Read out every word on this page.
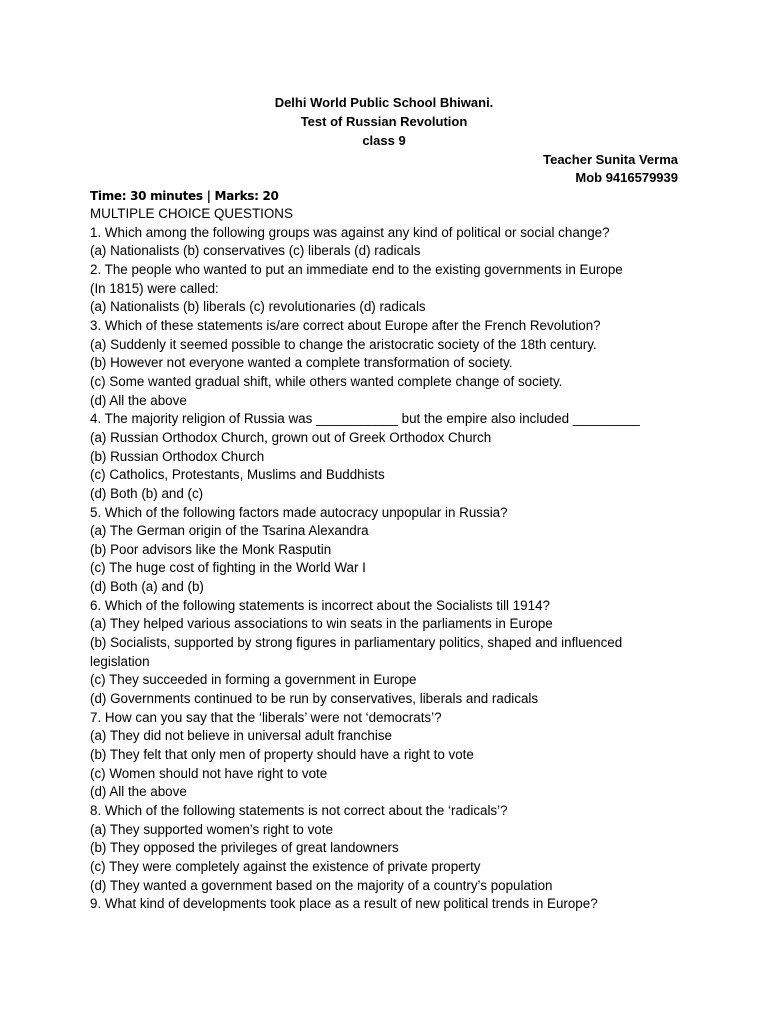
Delhi World Public School Bhiwani.
Test of Russian Revolution
class 9
Teacher Sunita Verma
Mob 9416579939
Time: 30 minutes | Marks: 20
MULTIPLE CHOICE QUESTIONS
1. Which among the following groups was against any kind of political or social change?
(a) Nationalists (b) conservatives (c) liberals (d) radicals
2. The people who wanted to put an immediate end to the existing governments in Europe
(In 1815) were called:
(a) Nationalists (b) liberals (c) revolutionaries (d) radicals
3. Which of these statements is/are correct about Europe after the French Revolution?
(a) Suddenly it seemed possible to change the aristocratic society of the 18th century.
(b) However not everyone wanted a complete transformation of society.
(c) Some wanted gradual shift, while others wanted complete change of society.
(d) All the above
4. The majority religion of Russia was ___________ but the empire also included _________
(a) Russian Orthodox Church, grown out of Greek Orthodox Church
(b) Russian Orthodox Church
(c) Catholics, Protestants, Muslims and Buddhists
(d) Both (b) and (c)
5. Which of the following factors made autocracy unpopular in Russia?
(a) The German origin of the Tsarina Alexandra
(b) Poor advisors like the Monk Rasputin
(c) The huge cost of fighting in the World War I
(d) Both (a) and (b)
6. Which of the following statements is incorrect about the Socialists till 1914?
(a) They helped various associations to win seats in the parliaments in Europe
(b) Socialists, supported by strong figures in parliamentary politics, shaped and influenced
legislation
(c) They succeeded in forming a government in Europe
(d) Governments continued to be run by conservatives, liberals and radicals
7. How can you say that the ‘liberals’ were not ‘democrats’?
(a) They did not believe in universal adult franchise
(b) They felt that only men of property should have a right to vote
(c) Women should not have right to vote
(d) All the above
8. Which of the following statements is not correct about the ‘radicals’?
(a) They supported women’s right to vote
(b) They opposed the privileges of great landowners
(c) They were completely against the existence of private property
(d) They wanted a government based on the majority of a country’s population
9. What kind of developments took place as a result of new political trends in Europe?
